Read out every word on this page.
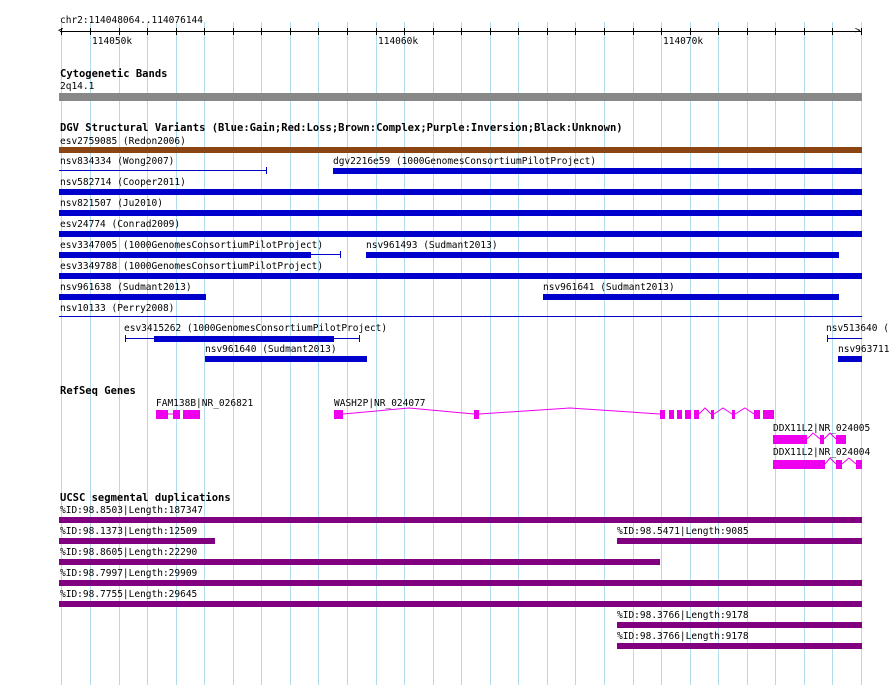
chr2:114048064..114076144
<	>
114050k	114060k	114070k
Cytogenetic Bands
2q14.1
DGV Structural Variants (Blue:Gain;Red:Loss;Brown:Complex;Purple:Inversion;Black:Unknown)
esv2759085 (Redon2006)
nsv834334 (Wong2007)	dgv2216e59 (1000GenomesConsortiumPilotProject)
nsv582714 (Cooper2011)
nsv821507 (Ju2010)
esv24774 (Conrad2009)
esv3347005 (1000GenomesConsortiumPilotProject)	nsv961493 (Sudmant2013)
esv3349788 (1000GenomesConsortiumPilotProject)
nsv961638 (Sudmant2013)	nsv961641 (Sudmant2013)
nsv10133 (Perry2008)
esv3415262 (1000GenomesConsortiumPilotProject)	nsv513640 (
nsv961640 (Sudmant2013)	nsv963711
RefSeq Genes
FAM138B|NR_026821	WASH2P|NR_024077
DDX11L2|NR_024005
DDX11L2|NR_024004
UCSC segmental duplications
%ID:98.8503|Length:187347
%ID:98.1373|Length:12509	%ID:98.5471|Length:9085
%ID:98.8605|Length:22290
%ID:98.7997|Length:29909
%ID:98.7755|Length:29645
%ID:98.3766|Length:9178
%ID:98.3766|Length:9178
